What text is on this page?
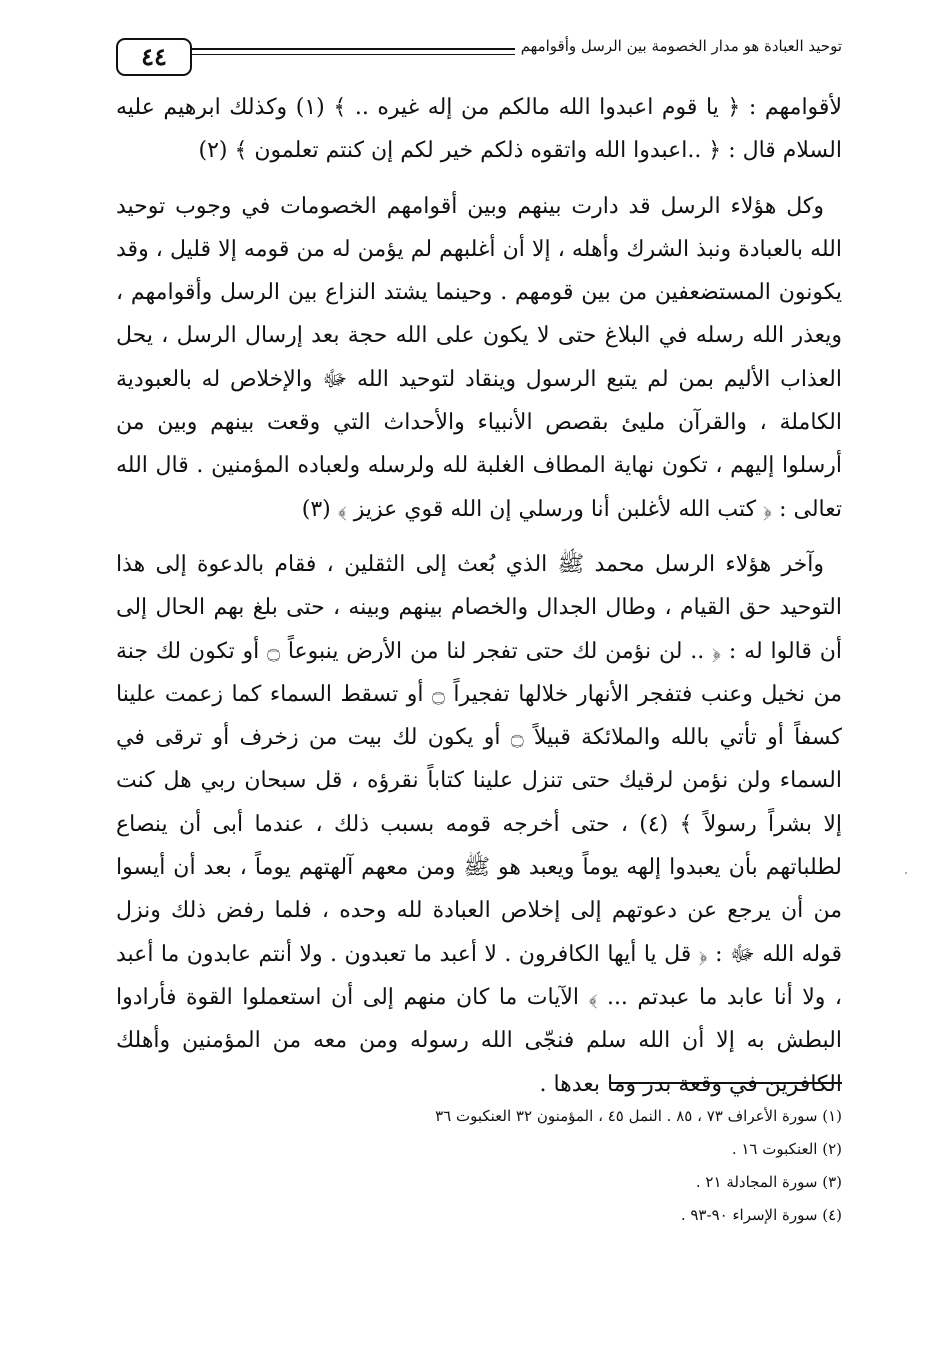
٤٤	توحيد العبادة هو مدار الخصومة بين الرسل وأقوامهم

لأقوامهم : ﴿ يا قوم اعبدوا الله مالكم من إله غيره .. ﴾ (١) وكذلك ابرهيم عليه السلام قال : ﴿ ..اعبدوا الله واتقوه ذلكم خير لكم إن كنتم تعلمون ﴾ (٢)

وكل هؤلاء الرسل قد دارت بينهم وبين أقوامهم الخصومات في وجوب توحيد الله بالعبادة ونبذ الشرك وأهله ، إلا أن أغلبهم لم يؤمن له من قومه إلا قليل ، وقد يكونون المستضعفين من بين قومهم . وحينما يشتد النزاع بين الرسل وأقوامهم ، ويعذر الله رسله في البلاغ حتى لا يكون على الله حجة بعد إرسال الرسل ، يحل العذاب الأليم بمن لم يتبع الرسول وينقاد لتوحيد الله ﷻ والإخلاص له بالعبودية الكاملة ، والقرآن مليئ بقصص الأنبياء والأحداث التي وقعت بينهم وبين من أرسلوا إليهم ، تكون نهاية المطاف الغلبة لله ولرسله ولعباده المؤمنين . قال الله تعالى : ﴿ كتب الله لأغلبن أنا ورسلي إن الله قوي عزيز ﴾ (٣)

وآخر هؤلاء الرسل محمد ﷺ الذي بُعث إلى الثقلين ، فقام بالدعوة إلى هذا التوحيد حق القيام ، وطال الجدال والخصام بينهم وبينه ، حتى بلغ بهم الحال إلى أن قالوا له : ﴿ .. لن نؤمن لك حتى تفجر لنا من الأرض ينبوعاً ۝ أو تكون لك جنة من نخيل وعنب فتفجر الأنهار خلالها تفجيراً ۝ أو تسقط السماء كما زعمت علينا كسفاً أو تأتي بالله والملائكة قبيلاً ۝ أو يكون لك بيت من زخرف أو ترقى في السماء ولن نؤمن لرقيك حتى تنزل علينا كتاباً نقرؤه ، قل سبحان ربي هل كنت إلا بشراً رسولاً ﴾ (٤) ، حتى أخرجه قومه بسبب ذلك ، عندما أبى أن ينصاع لطلباتهم بأن يعبدوا إلهه يوماً ويعبد هو ﷺ ومن معهم آلهتهم يوماً ، بعد أن أيسوا من أن يرجع عن دعوتهم إلى إخلاص العبادة لله وحده ، فلما رفض ذلك ونزل قوله الله ﷻ : ﴿ قل يا أيها الكافرون . لا أعبد ما تعبدون . ولا أنتم عابدون ما أعبد ، ولا أنا عابد ما عبدتم ... ﴾ الآيات ما كان منهم إلى أن استعملوا القوة فأرادوا البطش به إلا أن الله سلم فنجّى الله رسوله ومن معه من المؤمنين وأهلك الكافرين في وقعة بدر وما بعدها .

(١) سورة الأعراف ٧٣ ، ٨٥ . النمل ٤٥ ، المؤمنون ٣٢ العنكبوت ٣٦
(٢) العنكبوت ١٦ .
(٣) سورة المجادلة ٢١ .
(٤) سورة الإسراء ٩٠-٩٣ .
